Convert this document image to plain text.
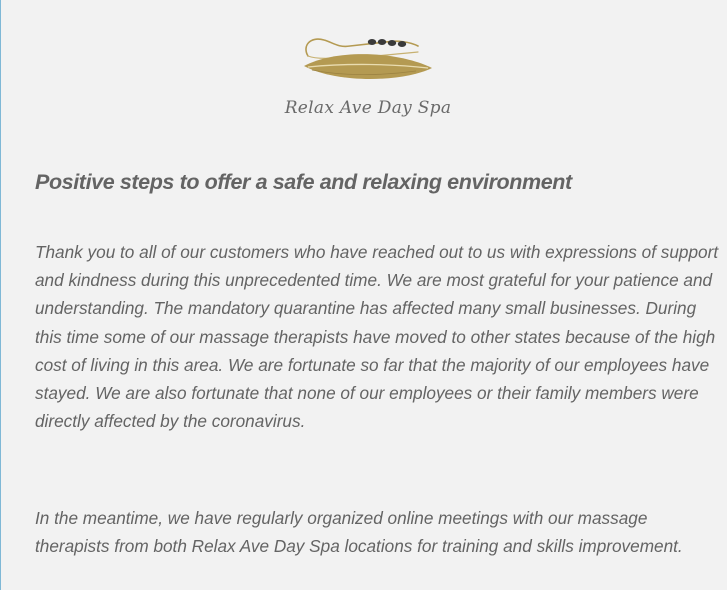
Relax Ave Day Spa
Positive steps to offer a safe and relaxing environment

Thank you to all of our customers who have reached out to us with expressions of support and kindness during this unprecedented time. We are most grateful for your patience and understanding. The mandatory quarantine has affected many small businesses. During this time some of our massage therapists have moved to other states because of the high cost of living in this area. We are fortunate so far that the majority of our employees have stayed. We are also fortunate that none of our employees or their family members were directly affected by the coronavirus.

In the meantime, we have regularly organized online meetings with our massage therapists from both Relax Ave Day Spa locations for training and skills improvement.
